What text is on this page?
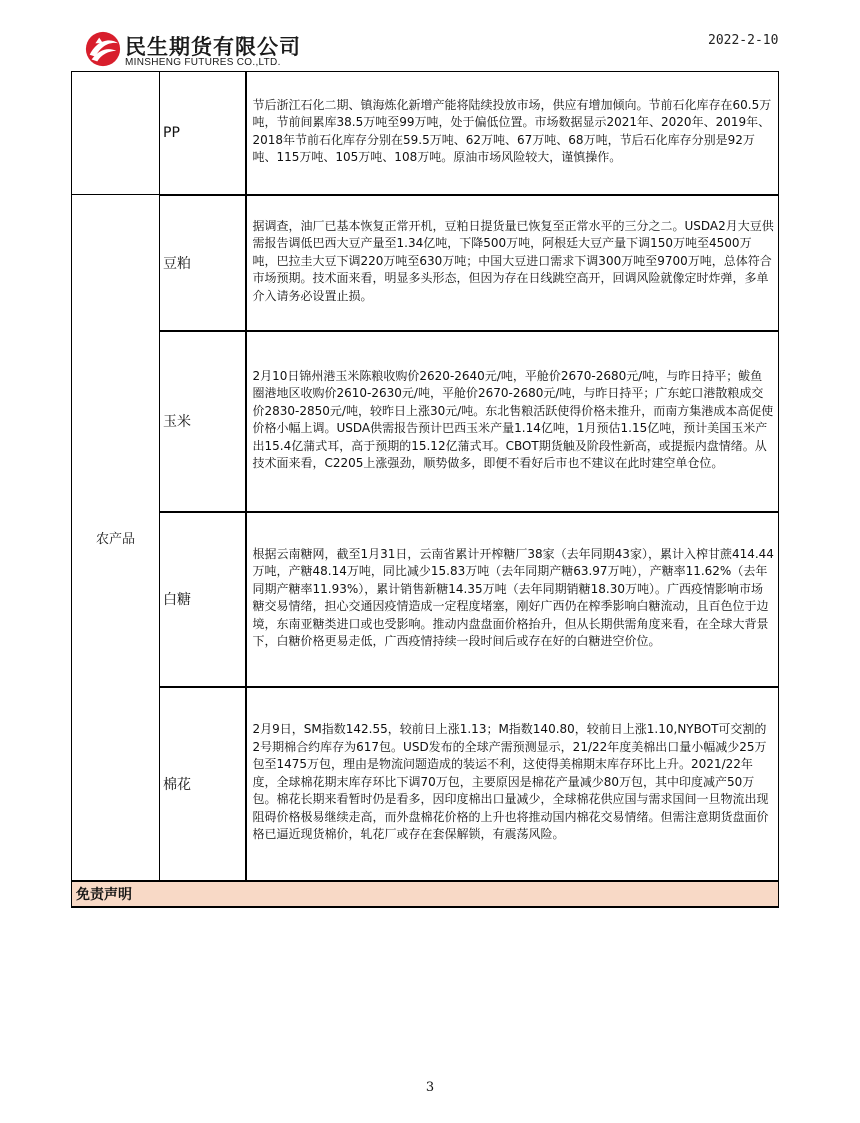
民生期货有限公司
MINSHENG FUTURES CO.,LTD.
2022-2-10
	PP	节后浙江石化二期、镇海炼化新增产能将陆续投放市场，供应有增加倾向。节前石化库存在60.5万吨，节前间累库38.5万吨至99万吨，处于偏低位置。市场数据显示2021年、2020年、2019年、2018年节前石化库存分别在59.5万吨、62万吨、67万吨、68万吨，节后石化库存分别是92万吨、115万吨、105万吨、108万吨。原油市场风险较大，谨慎操作。
农产品	豆粕	据调查，油厂已基本恢复正常开机，豆粕日提货量已恢复至正常水平的三分之二。USDA2月大豆供需报告调低巴西大豆产量至1.34亿吨，下降500万吨，阿根廷大豆产量下调150万吨至4500万吨，巴拉圭大豆下调220万吨至630万吨；中国大豆进口需求下调300万吨至9700万吨，总体符合市场预期。技术面来看，明显多头形态，但因为存在日线跳空高开，回调风险就像定时炸弹，多单介入请务必设置止损。
	玉米	2月10日锦州港玉米陈粮收购价2620-2640元/吨，平舱价2670-2680元/吨，与昨日持平；鲅鱼圈港地区收购价2610-2630元/吨，平舱价2670-2680元/吨，与昨日持平；广东蛇口港散粮成交价2830-2850元/吨，较昨日上涨30元/吨。东北售粮活跃使得价格未推升，而南方集港成本高促使价格小幅上调。USDA供需报告预计巴西玉米产量1.14亿吨，1月预估1.15亿吨，预计美国玉米产出15.4亿蒲式耳，高于预期的15.12亿蒲式耳。CBOT期货触及阶段性新高，或提振内盘情绪。从技术面来看，C2205上涨强劲，顺势做多，即便不看好后市也不建议在此时建空单仓位。
	白糖	根据云南糖网，截至1月31日，云南省累计开榨糖厂38家（去年同期43家），累计入榨甘蔗414.44万吨，产糖48.14万吨，同比减少15.83万吨（去年同期产糖63.97万吨），产糖率11.62%（去年同期产糖率11.93%），累计销售新糖14.35万吨（去年同期销糖18.30万吨）。广西疫情影响市场糖交易情绪，担心交通因疫情造成一定程度堵塞，刚好广西仍在榨季影响白糖流动，且百色位于边境，东南亚糖类进口或也受影响。推动内盘盘面价格抬升，但从长期供需角度来看，在全球大背景下，白糖价格更易走低，广西疫情持续一段时间后或存在好的白糖进空价位。
	棉花	2月9日，SM指数142.55，较前日上涨1.13；M指数140.80，较前日上涨1.10,NYBOT可交割的2号期棉合约库存为617包。USD发布的全球产需预测显示，21/22年度美棉出口量小幅减少25万包至1475万包，理由是物流问题造成的装运不利，这使得美棉期末库存环比上升。2021/22年度，全球棉花期末库存环比下调70万包，主要原因是棉花产量减少80万包，其中印度减产50万包。棉花长期来看暂时仍是看多，因印度棉出口量减少，全球棉花供应国与需求国间一旦物流出现阻碍价格极易继续走高，而外盘棉花价格的上升也将推动国内棉花交易情绪。但需注意期货盘面价格已逼近现货棉价，轧花厂或存在套保解锁，有震荡风险。
免责声明		
3
